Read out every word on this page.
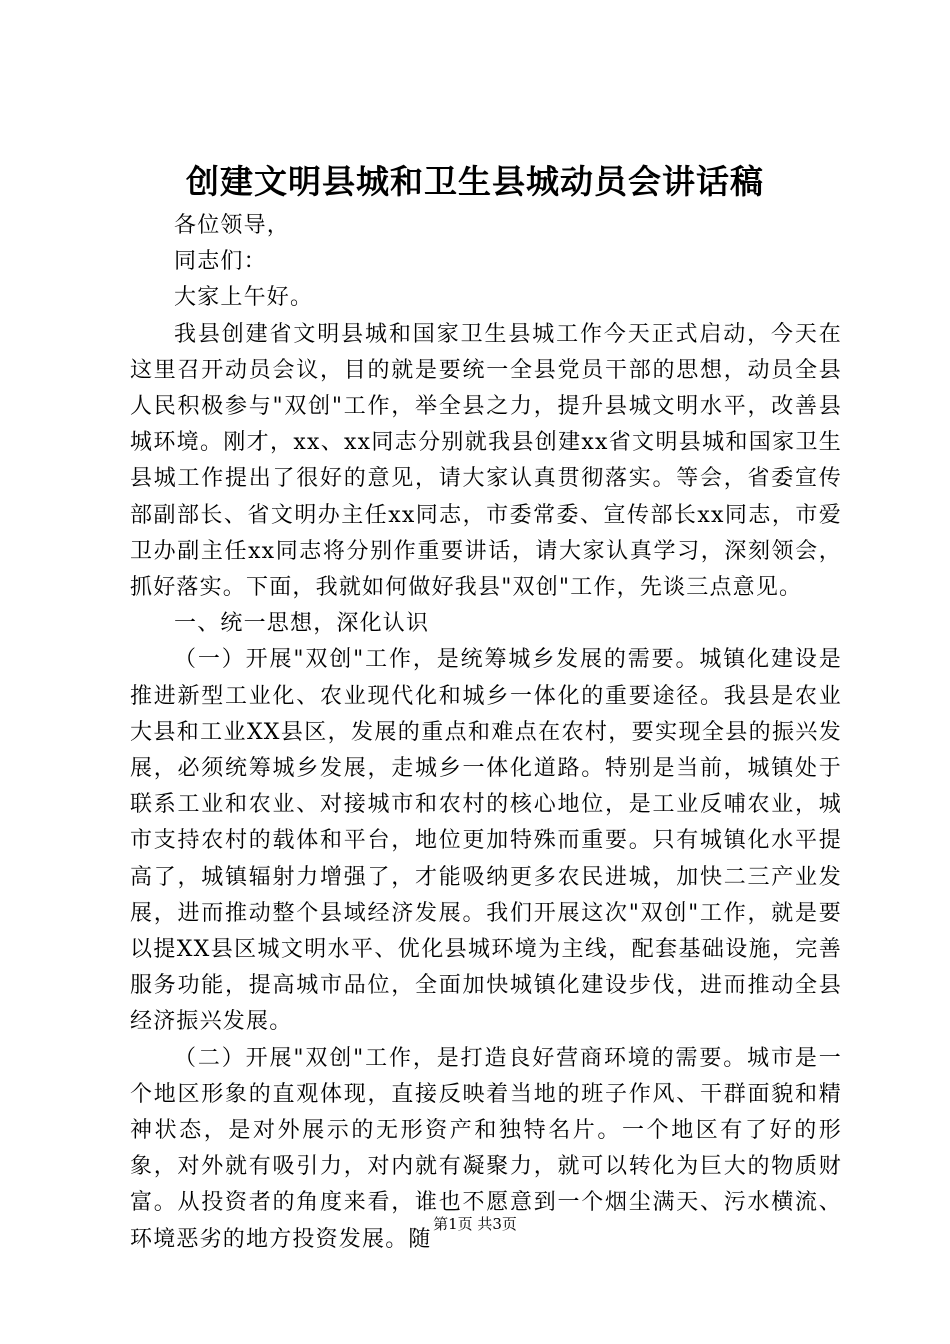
创建文明县城和卫生县城动员会讲话稿

各位领导，

同志们：

大家上午好。

我县创建省文明县城和国家卫生县城工作今天正式启动，今天在这里召开动员会议，目的就是要统一全县党员干部的思想，动员全县人民积极参与"双创"工作，举全县之力，提升县城文明水平，改善县城环境。刚才，xx、xx同志分别就我县创建xx省文明县城和国家卫生县城工作提出了很好的意见，请大家认真贯彻落实。等会，省委宣传部副部长、省文明办主任xx同志，市委常委、宣传部长xx同志，市爱卫办副主任xx同志将分别作重要讲话，请大家认真学习，深刻领会，抓好落实。下面，我就如何做好我县"双创"工作，先谈三点意见。

一、统一思想，深化认识

（一）开展"双创"工作，是统筹城乡发展的需要。城镇化建设是推进新型工业化、农业现代化和城乡一体化的重要途径。我县是农业大县和工业XX县区，发展的重点和难点在农村，要实现全县的振兴发展，必须统筹城乡发展，走城乡一体化道路。特别是当前，城镇处于联系工业和农业、对接城市和农村的核心地位，是工业反哺农业，城市支持农村的载体和平台，地位更加特殊而重要。只有城镇化水平提高了，城镇辐射力增强了，才能吸纳更多农民进城，加快二三产业发展，进而推动整个县域经济发展。我们开展这次"双创"工作，就是要以提XX县区城文明水平、优化县城环境为主线，配套基础设施，完善服务功能，提高城市品位，全面加快城镇化建设步伐，进而推动全县经济振兴发展。

（二）开展"双创"工作，是打造良好营商环境的需要。城市是一个地区形象的直观体现，直接反映着当地的班子作风、干群面貌和精神状态，是对外展示的无形资产和独特名片。一个地区有了好的形象，对外就有吸引力，对内就有凝聚力，就可以转化为巨大的物质财富。从投资者的角度来看，谁也不愿意到一个烟尘满天、污水横流、环境恶劣的地方投资发展。随

第1页 共3页
